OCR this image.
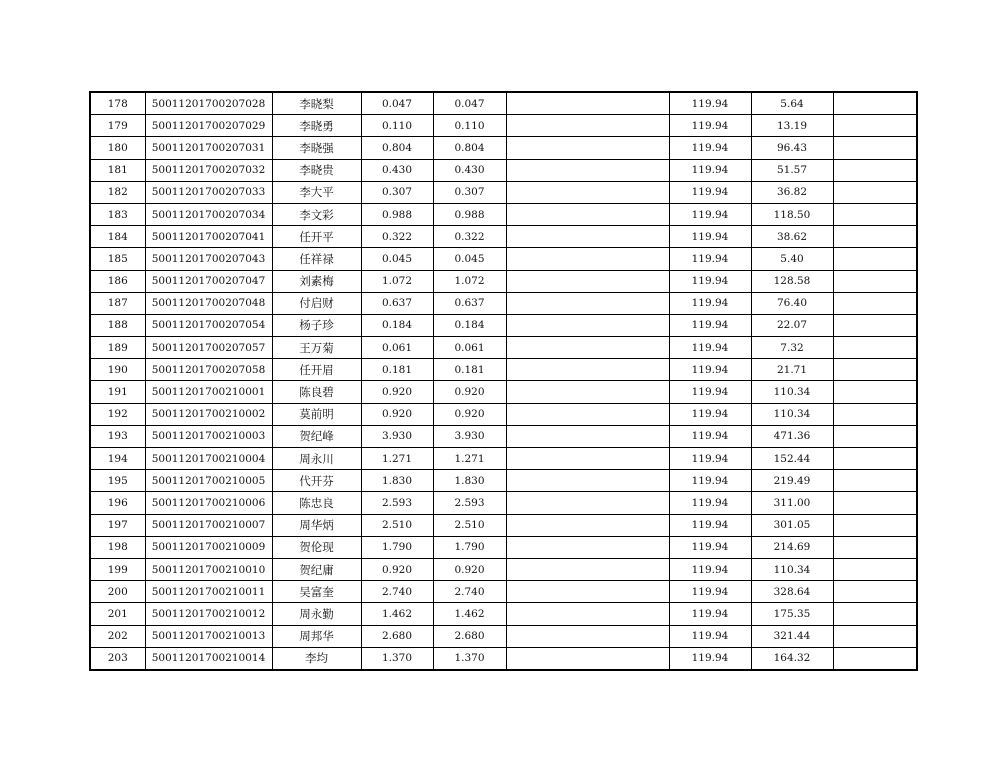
178	50011201700207028	李晓梨	0.047	0.047		119.94	5.64	
179	50011201700207029	李晓勇	0.110	0.110		119.94	13.19	
180	50011201700207031	李晓强	0.804	0.804		119.94	96.43	
181	50011201700207032	李晓贵	0.430	0.430		119.94	51.57	
182	50011201700207033	李大平	0.307	0.307		119.94	36.82	
183	50011201700207034	李文彩	0.988	0.988		119.94	118.50	
184	50011201700207041	任开平	0.322	0.322		119.94	38.62	
185	50011201700207043	任祥禄	0.045	0.045		119.94	5.40	
186	50011201700207047	刘素梅	1.072	1.072		119.94	128.58	
187	50011201700207048	付启财	0.637	0.637		119.94	76.40	
188	50011201700207054	杨子珍	0.184	0.184		119.94	22.07	
189	50011201700207057	王万菊	0.061	0.061		119.94	7.32	
190	50011201700207058	任开眉	0.181	0.181		119.94	21.71	
191	50011201700210001	陈良碧	0.920	0.920		119.94	110.34	
192	50011201700210002	莫前明	0.920	0.920		119.94	110.34	
193	50011201700210003	贺纪峰	3.930	3.930		119.94	471.36	
194	50011201700210004	周永川	1.271	1.271		119.94	152.44	
195	50011201700210005	代开芬	1.830	1.830		119.94	219.49	
196	50011201700210006	陈忠良	2.593	2.593		119.94	311.00	
197	50011201700210007	周华炳	2.510	2.510		119.94	301.05	
198	50011201700210009	贺伦现	1.790	1.790		119.94	214.69	
199	50011201700210010	贺纪庸	0.920	0.920		119.94	110.34	
200	50011201700210011	吴富奎	2.740	2.740		119.94	328.64	
201	50011201700210012	周永勤	1.462	1.462		119.94	175.35	
202	50011201700210013	周邦华	2.680	2.680		119.94	321.44	
203	50011201700210014	李均	1.370	1.370		119.94	164.32	
